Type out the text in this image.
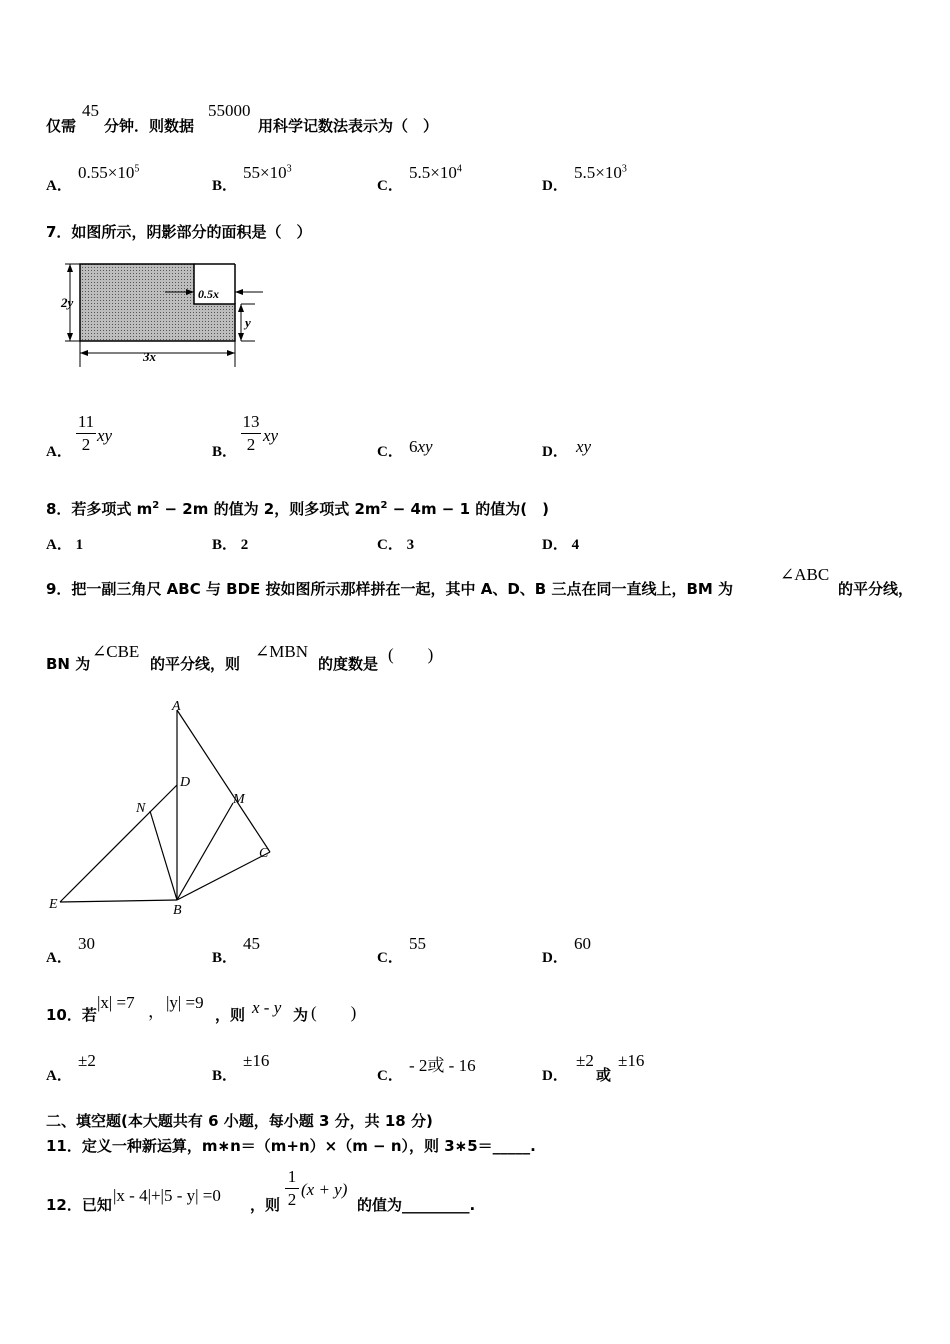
仅需
45
分钟．则数据
55000
用科学记数法表示为（　）
A．
$0.55\times 10^5$
B．
$55\times 10^3$
C．
$5.5\times 10^4$
D．
$5.5\times 10^3$
7．如图所示，阴影部分的面积是（　）
2y
0.5x
y
3x
A．
11
2 xy
B．
13
2 xy
C． 6xy	D． xy
8．若多项式 $m^2 - 2m$ 的值为 2，则多项式 $2m^2 - 4m - 1$ 的值为(　)
A． 1	B． 2	C． 3	D． 4
9．把一副三角尺 ABC 与 BDE 按如图所示那样拼在一起，其中 A、D、B 三点在同一直线上，BM 为
∠ABC
的平分线，
BN 为
∠CBE
的平分线，则
∠MBN
的度数是 (　　)
A
D
N
M
C
E	B
A．
30
B．
45
C．
55
D．
60
10．若
|x| =7 ， |y| =9
，则 x - y 为 (　　)
A．
±2
B．
±16
C．
- 2或 - 16
D．
±2
或
±16
二、填空题(本大题共有 6 小题，每小题 3 分，共 18 分)
11．定义一种新运算，m∗n＝（m+n）×（m − n），则 3∗5＝_____.
12．已知 |x - 4|+|5 - y| =0 ，则
1
2
(x + y)
的值为_________.
